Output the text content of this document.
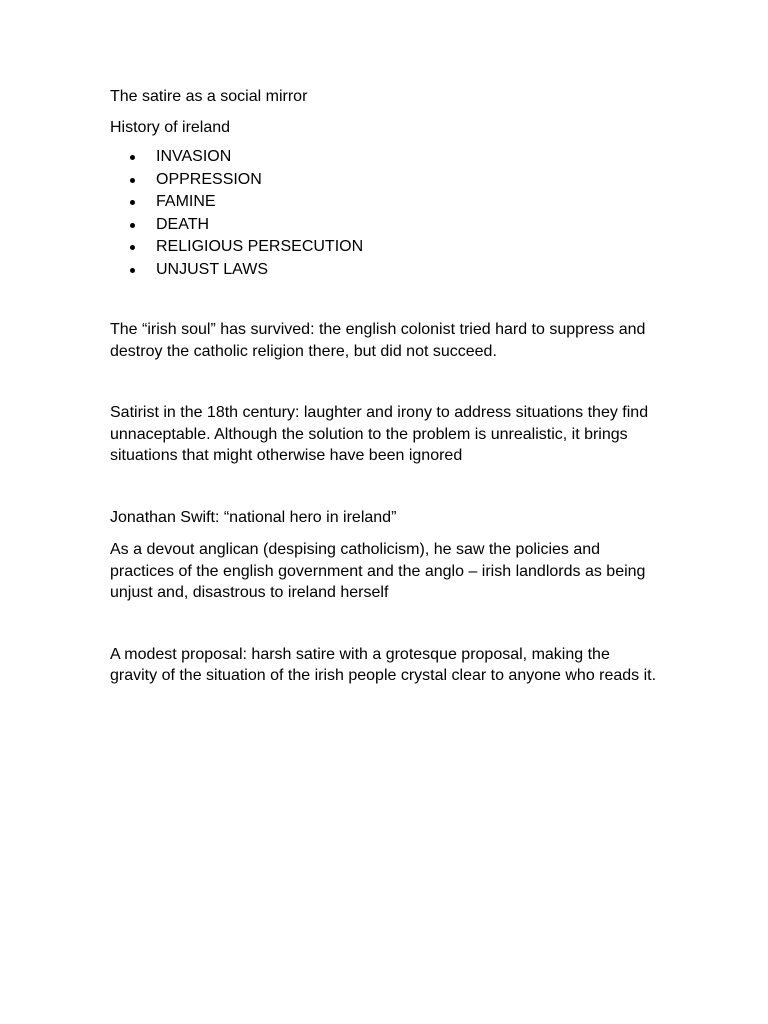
The satire as a social mirror

History of ireland

INVASION
OPPRESSION
FAMINE
DEATH
RELIGIOUS PERSECUTION
UNJUST LAWS

The “irish soul” has survived: the english colonist tried hard to suppress and destroy the catholic religion there, but did not succeed.

Satirist in the 18th century: laughter and irony to address situations they find unnaceptable. Although the solution to the problem is unrealistic, it brings situations that might otherwise have been ignored

Jonathan Swift: “national hero in ireland”

As a devout anglican (despising catholicism), he saw the policies and practices of the english government and the anglo – irish landlords as being unjust and, disastrous to ireland herself

A modest proposal: harsh satire with a grotesque proposal, making the gravity of the situation of the irish people crystal clear to anyone who reads it.
